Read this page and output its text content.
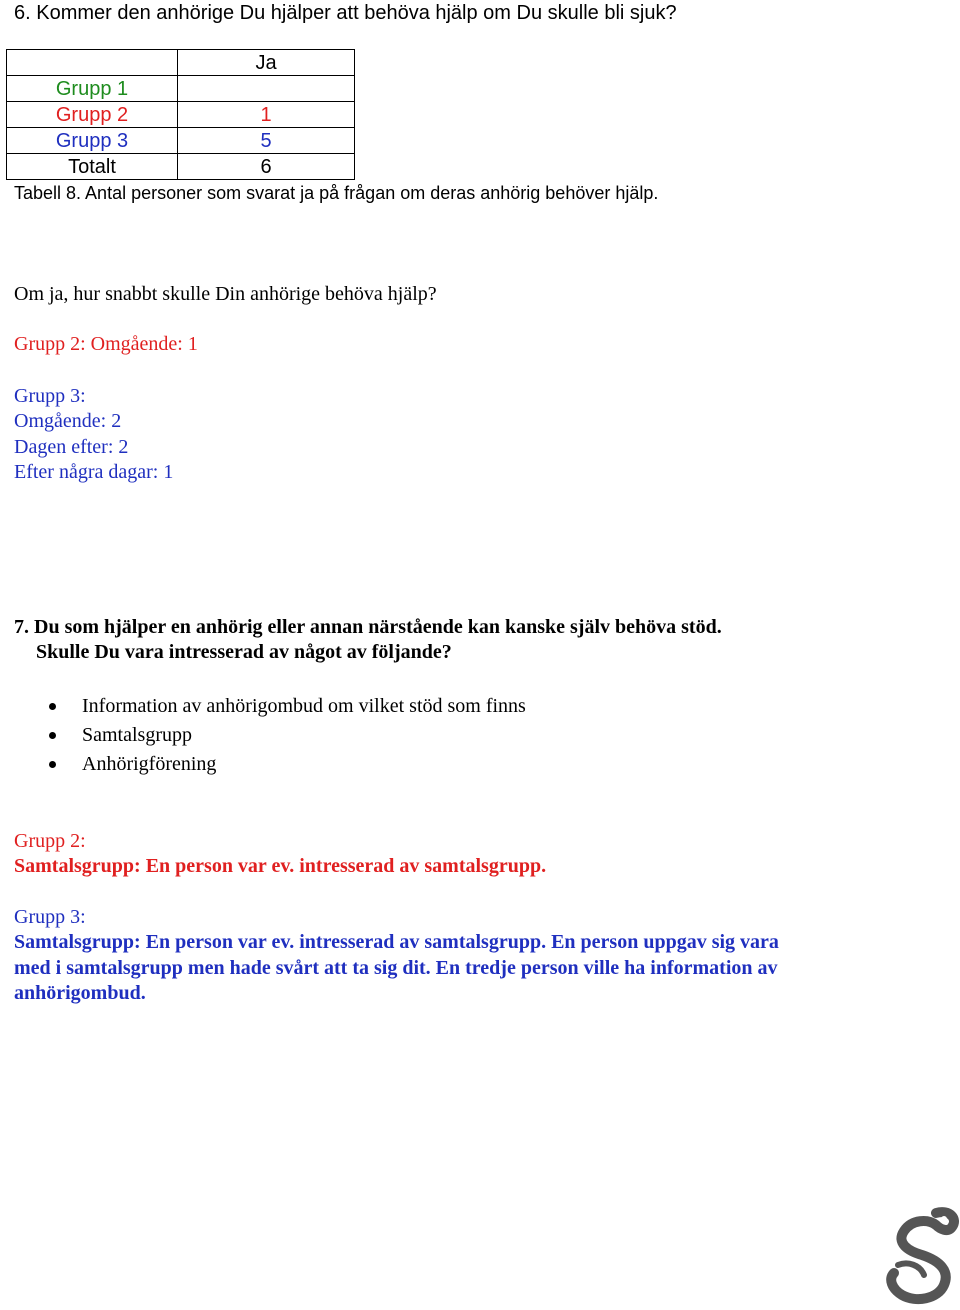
6. Kommer den anhörige Du hjälper att behöva hjälp om Du skulle bli sjuk?
	Ja
Grupp 1	
Grupp 2	1
Grupp 3	5
Totalt	6
Tabell 8. Antal personer som svarat ja på frågan om deras anhörig behöver hjälp.
Om ja, hur snabbt skulle Din anhörige behöva hjälp?
Grupp 2: Omgående: 1
Grupp 3:
Omgående: 2
Dagen efter: 2
Efter några dagar: 1
7. Du som hjälper en anhörig eller annan närstående kan kanske själv behöva stöd.
Skulle Du vara intresserad av något av följande?
Information av anhörigombud om vilket stöd som finns
Samtalsgrupp
Anhörigförening
Grupp 2:
Samtalsgrupp: En person var ev. intresserad av samtalsgrupp.
Grupp 3:
Samtalsgrupp: En person var ev. intresserad av samtalsgrupp. En person uppgav sig vara
med i samtalsgrupp men hade svårt att ta sig dit. En tredje person ville ha information av
anhörigombud.
